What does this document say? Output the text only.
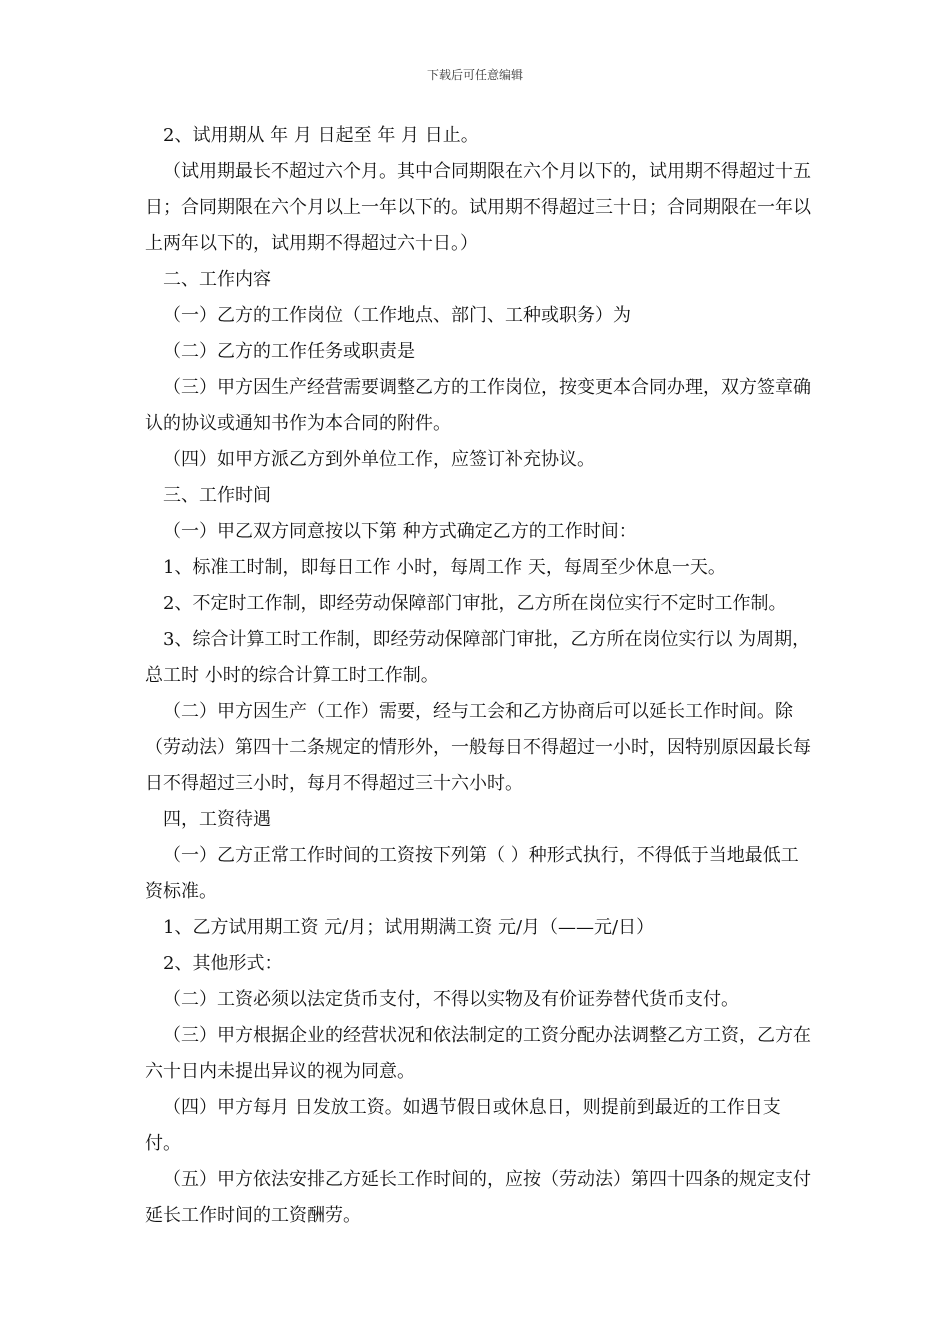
下载后可任意编辑

2、试用期从 年 月 日起至 年 月 日止。

（试用期最长不超过六个月。其中合同期限在六个月以下的，试用期不得超过十五日；合同期限在六个月以上一年以下的。试用期不得超过三十日；合同期限在一年以上两年以下的，试用期不得超过六十日。）

二、工作内容

（一）乙方的工作岗位（工作地点、部门、工种或职务）为

（二）乙方的工作任务或职责是

（三）甲方因生产经营需要调整乙方的工作岗位，按变更本合同办理，双方签章确认的协议或通知书作为本合同的附件。

（四）如甲方派乙方到外单位工作，应签订补充协议。

三、工作时间

（一）甲乙双方同意按以下第 种方式确定乙方的工作时间：

1、标准工时制，即每日工作 小时，每周工作 天，每周至少休息一天。

2、不定时工作制，即经劳动保障部门审批，乙方所在岗位实行不定时工作制。

3、综合计算工时工作制，即经劳动保障部门审批，乙方所在岗位实行以 为周期，总工时 小时的综合计算工时工作制。

（二）甲方因生产（工作）需要，经与工会和乙方协商后可以延长工作时间。除（劳动法）第四十二条规定的情形外，一般每日不得超过一小时，因特别原因最长每日不得超过三小时，每月不得超过三十六小时。

四，工资待遇

（一）乙方正常工作时间的工资按下列第（ ）种形式执行，不得低于当地最低工资标准。

1、乙方试用期工资 元/月；试用期满工资 元/月（——元/日）

2、其他形式：

（二）工资必须以法定货币支付，不得以实物及有价证券替代货币支付。

（三）甲方根据企业的经营状况和依法制定的工资分配办法调整乙方工资，乙方在六十日内未提出异议的视为同意。

（四）甲方每月 日发放工资。如遇节假日或休息日，则提前到最近的工作日支付。

（五）甲方依法安排乙方延长工作时间的，应按（劳动法）第四十四条的规定支付延长工作时间的工资酬劳。
